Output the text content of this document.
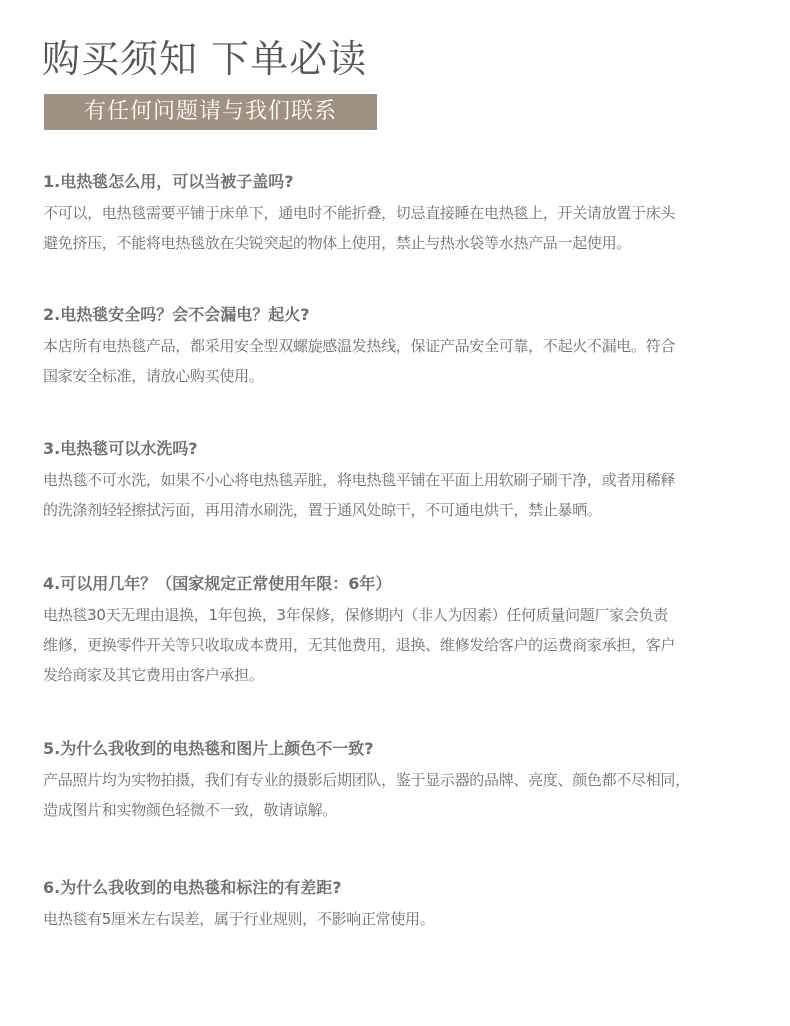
购买须知 下单必读
有任何问题请与我们联系

1.电热毯怎么用，可以当被子盖吗?

不可以，电热毯需要平铺于床单下，通电时不能折叠，切忌直接睡在电热毯上，开关请放置于床头
避免挤压，不能将电热毯放在尖锐突起的物体上使用，禁止与热水袋等水热产品一起使用。

2.电热毯安全吗？会不会漏电？起火?

本店所有电热毯产品，都采用安全型双螺旋感温发热线，保证产品安全可靠，不起火不漏电。符合
国家安全标准，请放心购买使用。

3.电热毯可以水洗吗?

电热毯不可水洗，如果不小心将电热毯弄脏，将电热毯平铺在平面上用软刷子刷干净，或者用稀释
的洗涤剂轻轻擦拭污面，再用清水刷洗，置于通风处晾干，不可通电烘干，禁止暴晒。

4.可以用几年？（国家规定正常使用年限：6年）

电热毯30天无理由退换，1年包换，3年保修，保修期内（非人为因素）任何质量问题厂家会负责
维修，更换零件开关等只收取成本费用，无其他费用，退换、维修发给客户的运费商家承担，客户
发给商家及其它费用由客户承担。

5.为什么我收到的电热毯和图片上颜色不一致?

产品照片均为实物拍摄，我们有专业的摄影后期团队，鉴于显示器的品牌、亮度、颜色都不尽相同，
造成图片和实物颜色轻微不一致，敬请谅解。

6.为什么我收到的电热毯和标注的有差距?

电热毯有5厘米左右误差，属于行业规则，不影响正常使用。
